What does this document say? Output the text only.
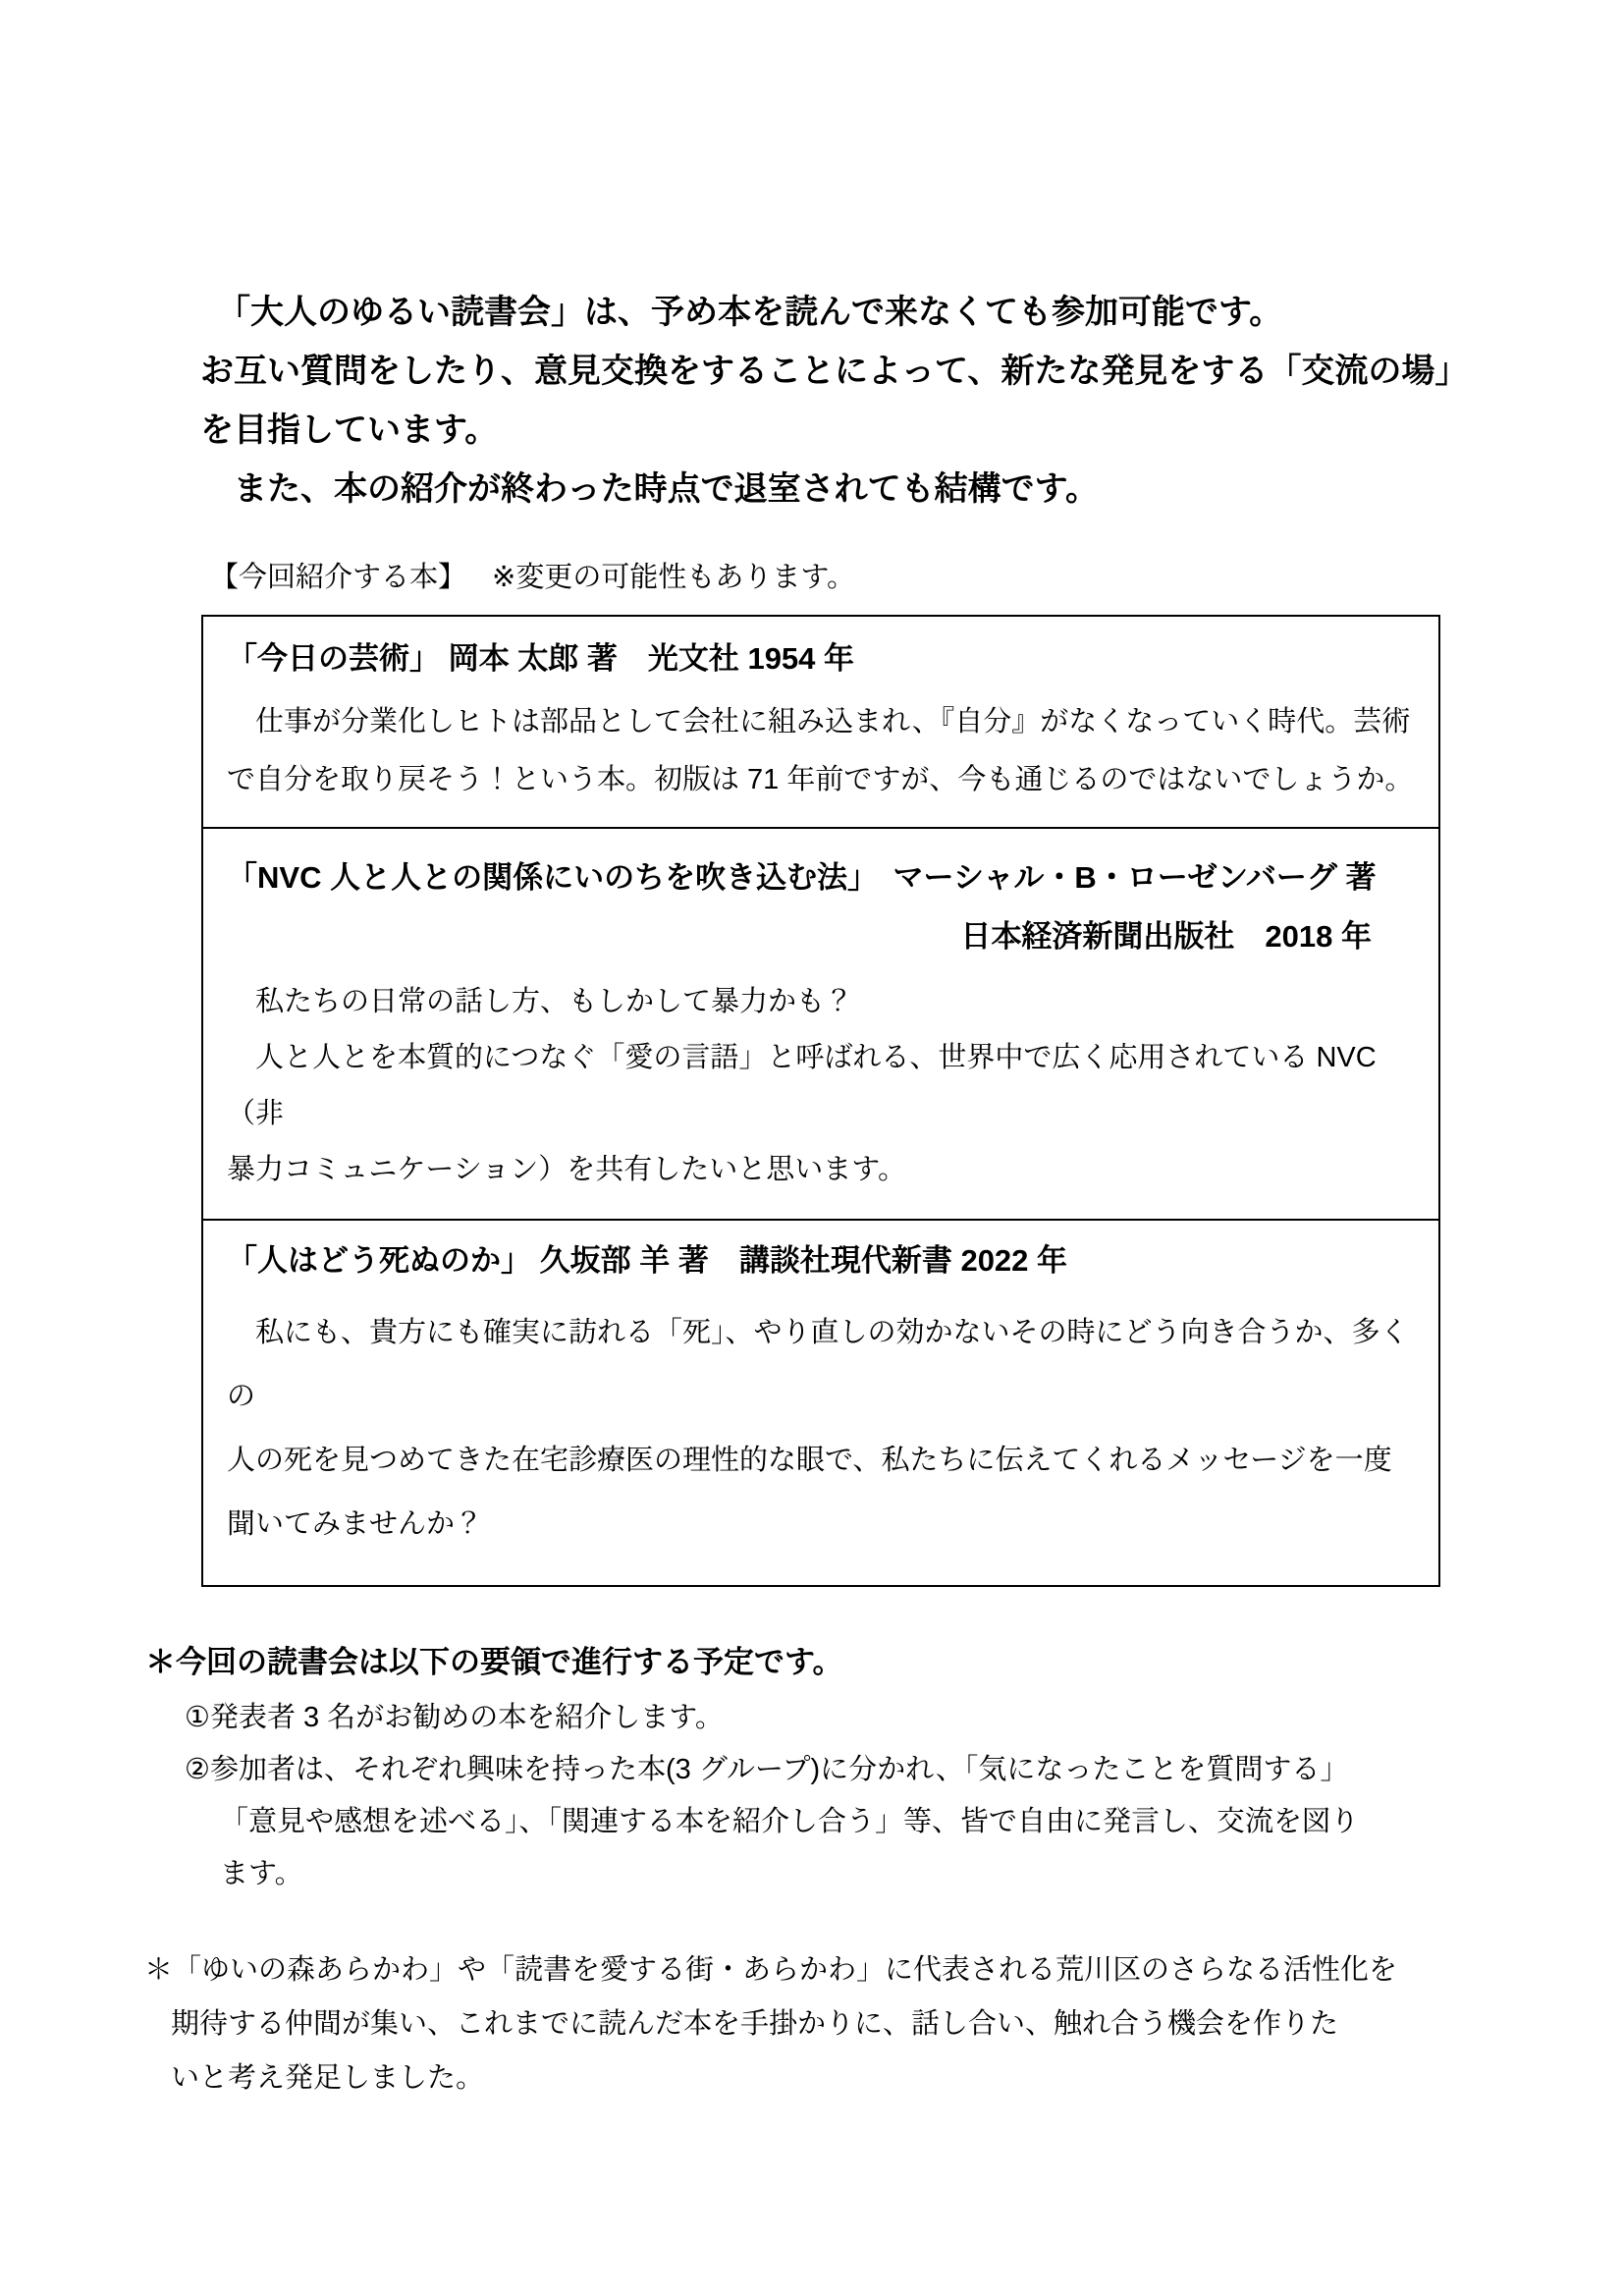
　「大人のゆるい読書会」は、予め本を読んで来なくても参加可能です。
お互い質問をしたり、意見交換をすることによって、新たな発見をする「交流の場」
を目指しています。
　また、本の紹介が終わった時点で退室されても結構です。
【今回紹介する本】 ※変更の可能性もあります。
「今日の芸術」 岡本 太郎 著　光文社 1954 年
　仕事が分業化しヒトは部品として会社に組み込まれ、『自分』がなくなっていく時代。芸術
で自分を取り戻そう！という本。初版は 71 年前ですが、今も通じるのではないでしょうか。
「NVC 人と人との関係にいのちを吹き込む法」　マーシャル・B・ローゼンバーグ 著
日本経済新聞出版社　2018 年
　私たちの日常の話し方、もしかして暴力かも？
　人と人とを本質的につなぐ「愛の言語」と呼ばれる、世界中で広く応用されている NVC（非
暴力コミュニケーション）を共有したいと思います。
「人はどう死ぬのか」 久坂部 羊 著　講談社現代新書 2022 年
　私にも、貴方にも確実に訪れる「死」、やり直しの効かないその時にどう向き合うか、多くの
人の死を見つめてきた在宅診療医の理性的な眼で、私たちに伝えてくれるメッセージを一度
聞いてみませんか？
＊今回の読書会は以下の要領で進行する予定です。
①発表者 3 名がお勧めの本を紹介します。
②参加者は、それぞれ興味を持った本(3 グループ)に分かれ、「気になったことを質問する」
「意見や感想を述べる」、「関連する本を紹介し合う」等、皆で自由に発言し、交流を図り
ます。
＊「ゆいの森あらかわ」や「読書を愛する街・あらかわ」に代表される荒川区のさらなる活性化を
期待する仲間が集い、これまでに読んだ本を手掛かりに、話し合い、触れ合う機会を作りた
いと考え発足しました。
